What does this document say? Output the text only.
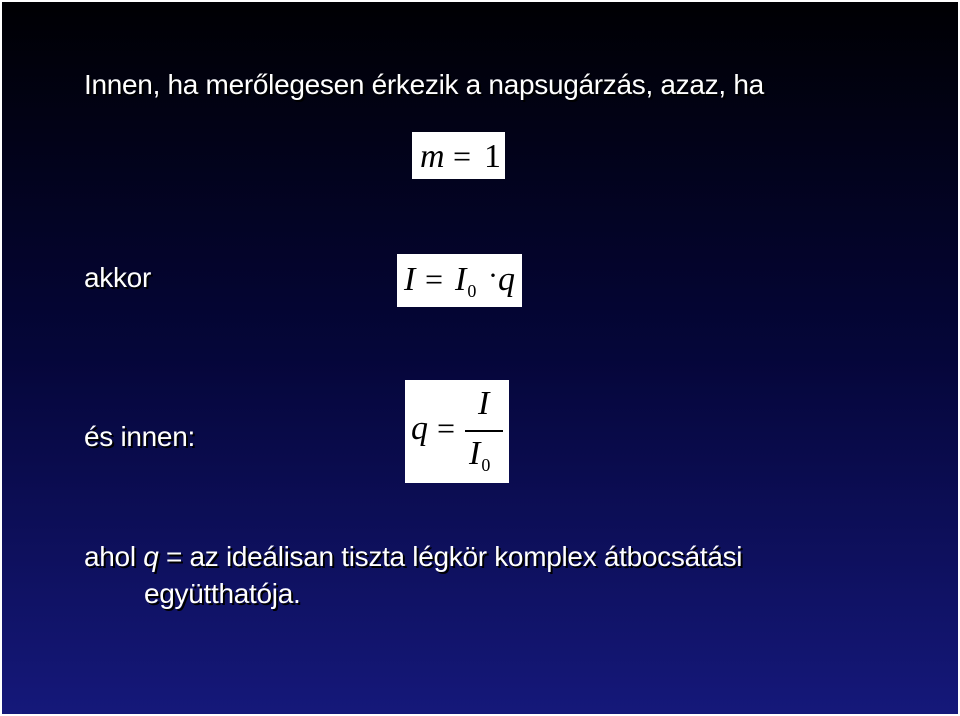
Innen, ha merőlegesen érkezik a napsugárzás, azaz, ha
m = 1
akkor	$I = I_0 \cdot q$
és innen:	q =
I
$I_0$
ahol q = az ideálisan tiszta légkör komplex átbocsátási
együtthatója.
